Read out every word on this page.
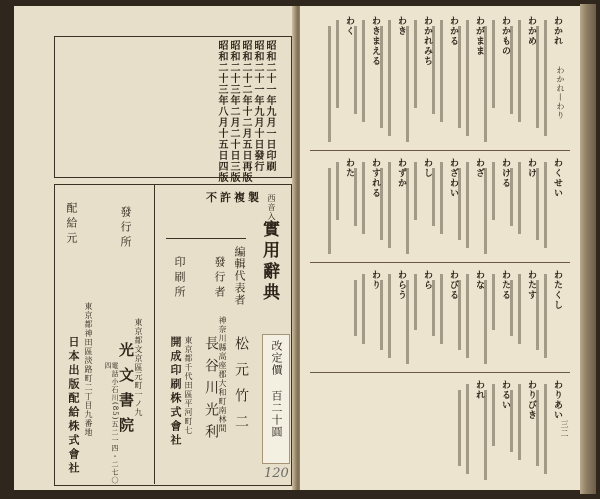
昭和二十一年九月一日印刷
昭和二十一年九月十日發行
昭和二十二年十二月五日再版
昭和二十三年二月二十日三版
昭和二十三年八月十五日四版
西音入り
實用辭典
改定價
百二十圓
不許複製
編輯代表者
松元竹二
發行者
神奈川縣高座郡大和町南林間
長谷川光利
印刷所
東京都千代田區平河町七
開成印刷株式會社
發行所
東京都文京區元町一ノ九
光文書院
電話小石川(85)五二一四・二七〇四
配給元
東京都神田區淡路町二丁目九番地
日本出版配給株式會社	120
わかれ—わり
わかれ
わかめ
わかもの
わがまま
わかる
わかれみち
わき
わきまえる
わく
わくせい
わけ
わける
わざ
わざわい
わし
わずか
わすれる
わた
わたくし
わたす
わたる
わな
わびる
わら
わらう
わり
わりあい
わりびき
わるい
われ
三二
